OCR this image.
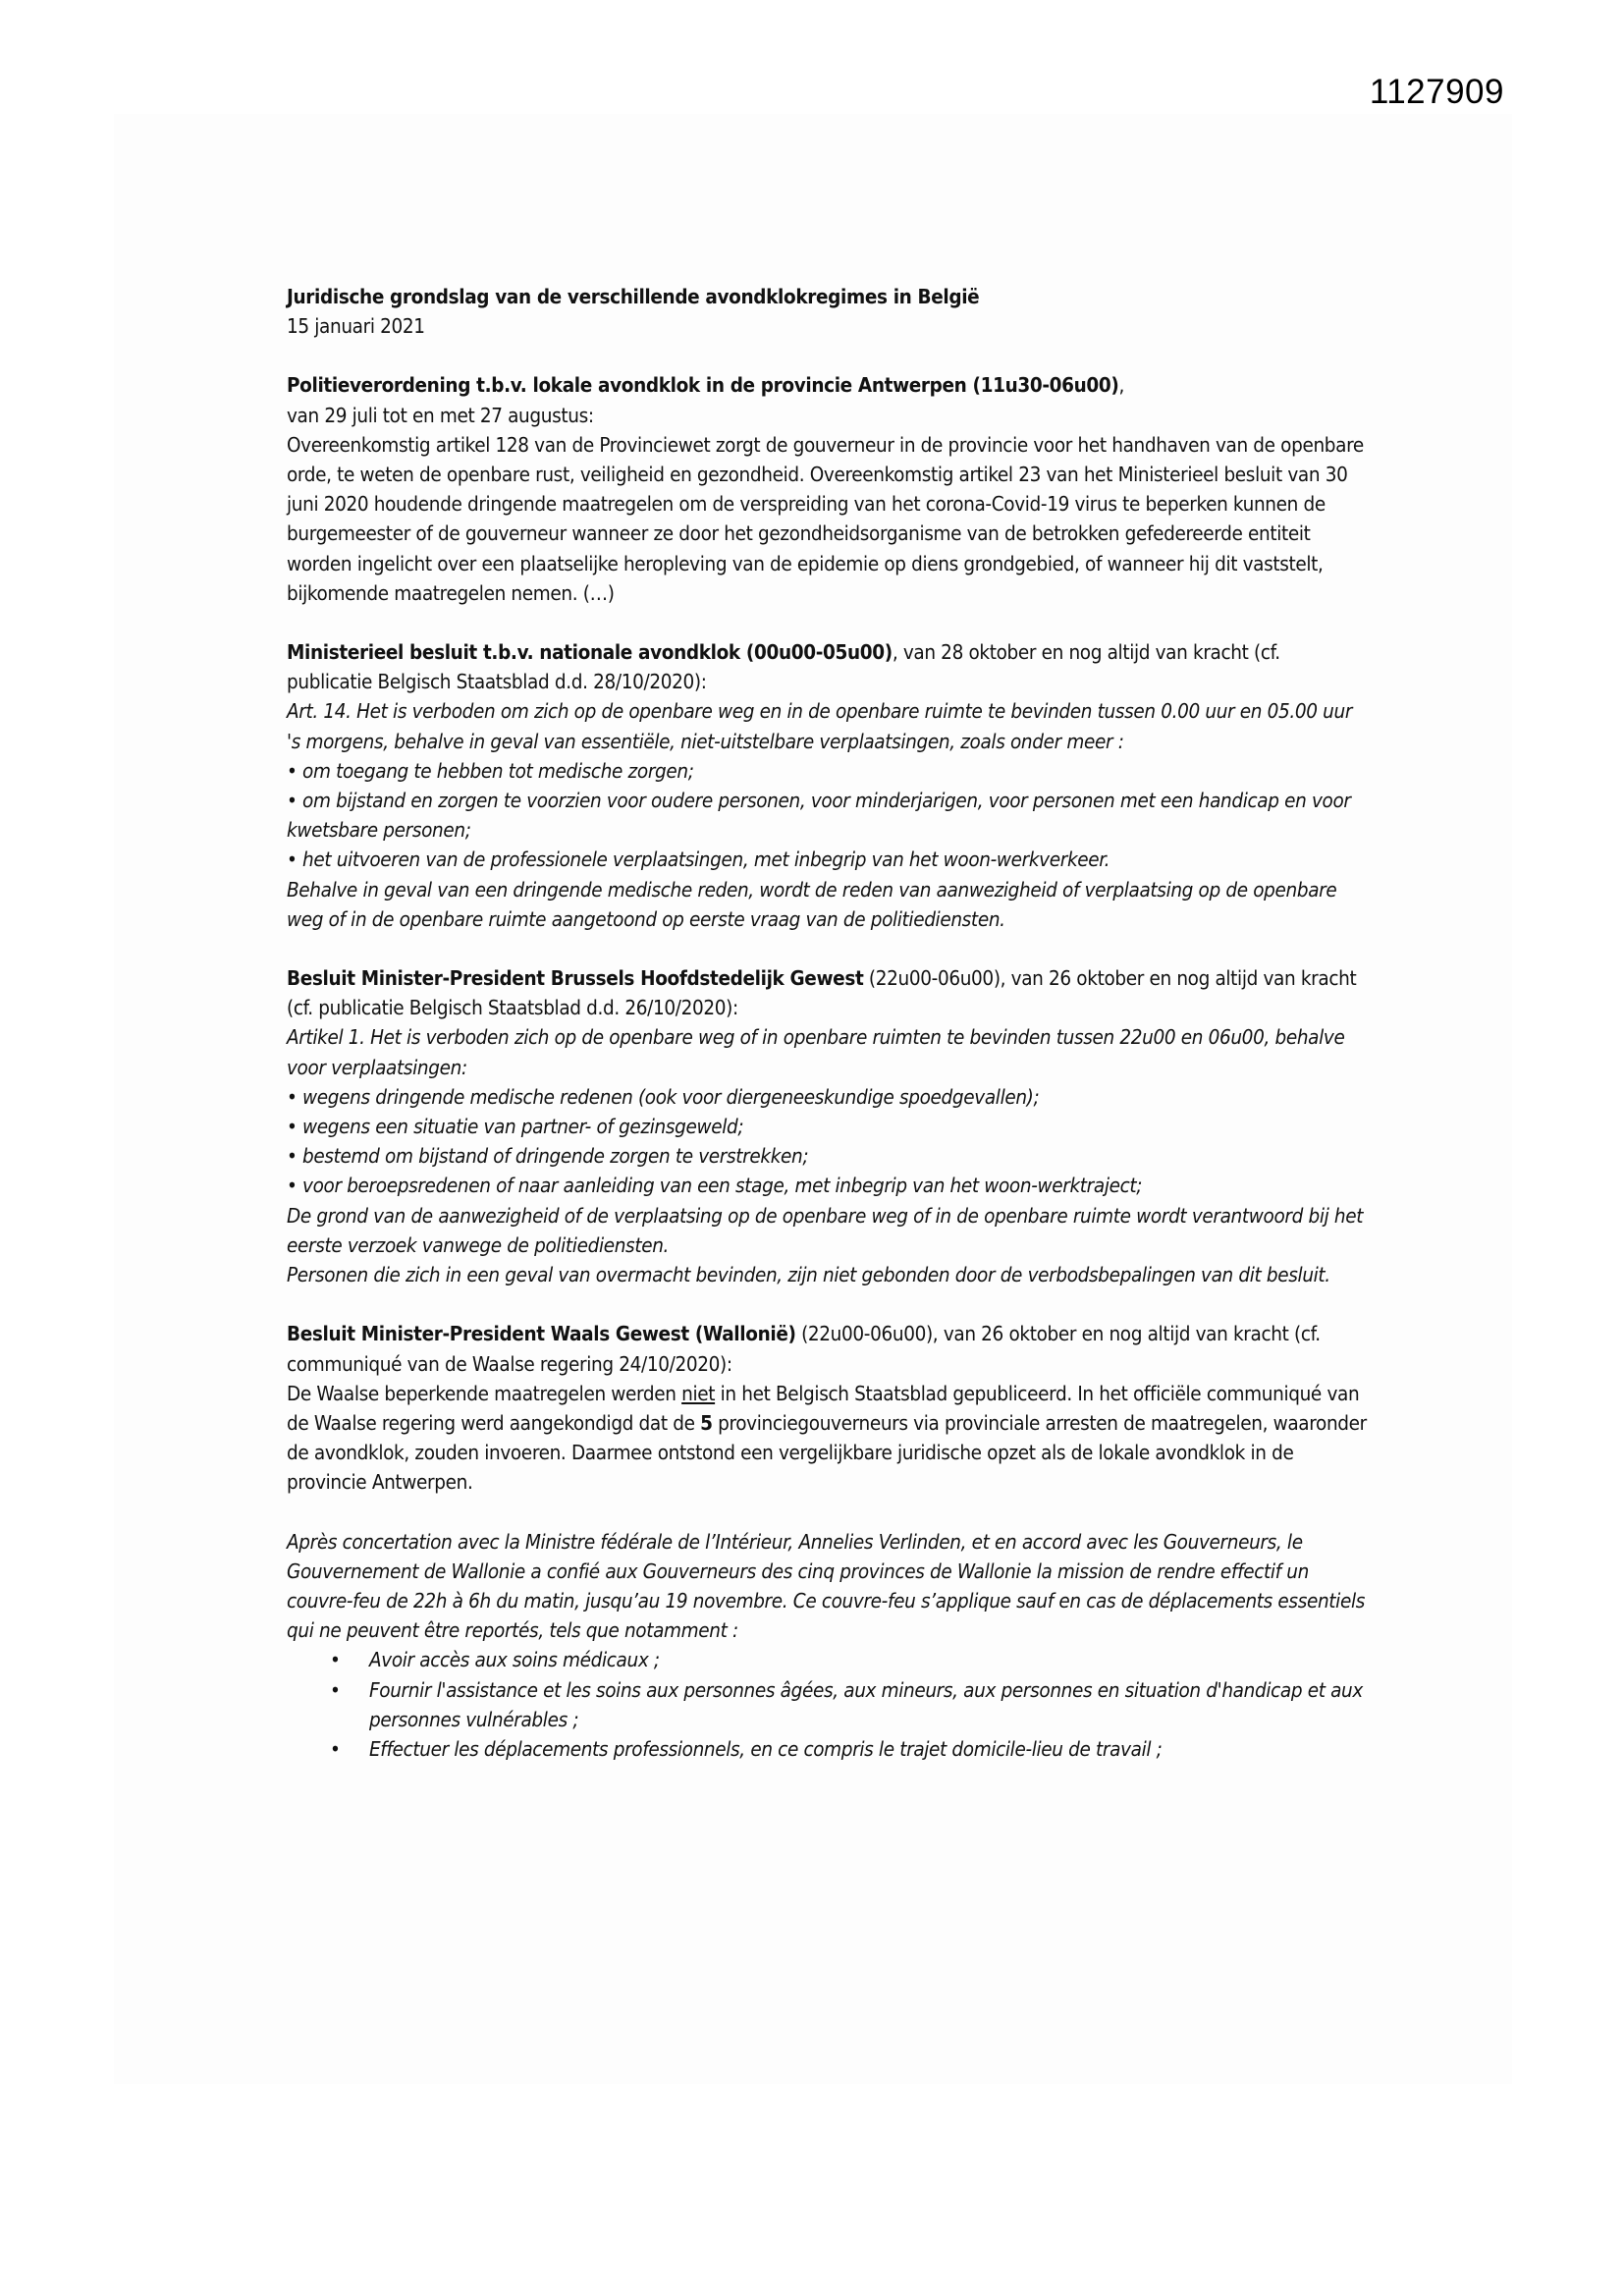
1127909

Juridische grondslag van de verschillende avondklokregimes in België

15 januari 2021

Politieverordening t.b.v. lokale avondklok in de provincie Antwerpen (11u30-06u00),

van 29 juli tot en met 27 augustus:

Overeenkomstig artikel 128 van de Provinciewet zorgt de gouverneur in de provincie voor het handhaven van de openbare orde, te weten de openbare rust, veiligheid en gezondheid. Overeenkomstig artikel 23 van het Ministerieel besluit van 30 juni 2020 houdende dringende maatregelen om de verspreiding van het corona-Covid-19 virus te beperken kunnen de burgemeester of de gouverneur wanneer ze door het gezondheidsorganisme van de betrokken gefedereerde entiteit worden ingelicht over een plaatselijke heropleving van de epidemie op diens grondgebied, of wanneer hij dit vaststelt, bijkomende maatregelen nemen. (…)

Ministerieel besluit t.b.v. nationale avondklok (00u00-05u00), van 28 oktober en nog altijd van kracht (cf. publicatie Belgisch Staatsblad d.d. 28/10/2020):

Art. 14. Het is verboden om zich op de openbare weg en in de openbare ruimte te bevinden tussen 0.00 uur en 05.00 uur 's morgens, behalve in geval van essentiële, niet-uitstelbare verplaatsingen, zoals onder meer :

• om toegang te hebben tot medische zorgen;

• om bijstand en zorgen te voorzien voor oudere personen, voor minderjarigen, voor personen met een handicap en voor kwetsbare personen;

• het uitvoeren van de professionele verplaatsingen, met inbegrip van het woon-werkverkeer.

Behalve in geval van een dringende medische reden, wordt de reden van aanwezigheid of verplaatsing op de openbare weg of in de openbare ruimte aangetoond op eerste vraag van de politiediensten.

Besluit Minister-President Brussels Hoofdstedelijk Gewest (22u00-06u00), van 26 oktober en nog altijd van kracht (cf. publicatie Belgisch Staatsblad d.d. 26/10/2020):

Artikel 1. Het is verboden zich op de openbare weg of in openbare ruimten te bevinden tussen 22u00 en 06u00, behalve voor verplaatsingen:

• wegens dringende medische redenen (ook voor diergeneeskundige spoedgevallen);

• wegens een situatie van partner- of gezinsgeweld;

• bestemd om bijstand of dringende zorgen te verstrekken;

• voor beroepsredenen of naar aanleiding van een stage, met inbegrip van het woon-werktraject;

De grond van de aanwezigheid of de verplaatsing op de openbare weg of in de openbare ruimte wordt verantwoord bij het eerste verzoek vanwege de politiediensten.

Personen die zich in een geval van overmacht bevinden, zijn niet gebonden door de verbodsbepalingen van dit besluit.

Besluit Minister-President Waals Gewest (Wallonië) (22u00-06u00), van 26 oktober en nog altijd van kracht (cf. communiqué van de Waalse regering 24/10/2020):

De Waalse beperkende maatregelen werden niet in het Belgisch Staatsblad gepubliceerd. In het officiële communiqué van de Waalse regering werd aangekondigd dat de 5 provinciegouverneurs via provinciale arresten de maatregelen, waaronder de avondklok, zouden invoeren. Daarmee ontstond een vergelijkbare juridische opzet als de lokale avondklok in de provincie Antwerpen.

Après concertation avec la Ministre fédérale de l’Intérieur, Annelies Verlinden, et en accord avec les Gouverneurs, le Gouvernement de Wallonie a confié aux Gouverneurs des cinq provinces de Wallonie la mission de rendre effectif un couvre-feu de 22h à 6h du matin, jusqu’au 19 novembre. Ce couvre-feu s’applique sauf en cas de déplacements essentiels qui ne peuvent être reportés, tels que notamment :

• Avoir accès aux soins médicaux ;
• Fournir l'assistance et les soins aux personnes âgées, aux mineurs, aux personnes en situation d'handicap et aux personnes vulnérables ;
• Effectuer les déplacements professionnels, en ce compris le trajet domicile-lieu de travail ;
